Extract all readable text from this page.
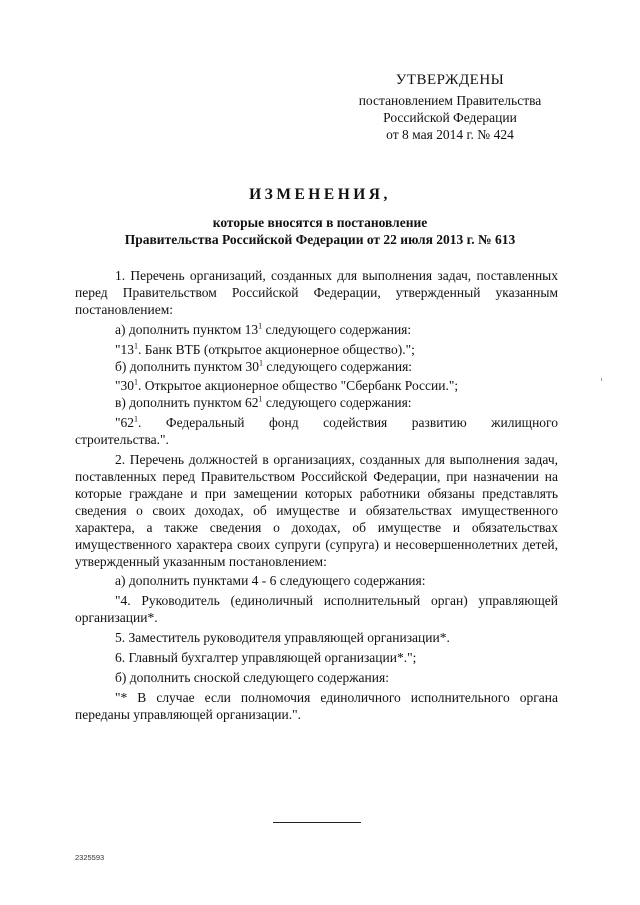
УТВЕРЖДЕНЫ
постановлением Правительства
Российской Федерации
от 8 мая 2014 г. № 424
ИЗМЕНЕНИЯ,
которые вносятся в постановление
Правительства Российской Федерации от 22 июля 2013 г. № 613

1. Перечень организаций, созданных для выполнения задач, поставленных перед Правительством Российской Федерации, утвержденный указанным постановлением:

а) дополнить пунктом $13^1$ следующего содержания:

"$13^1$. Банк ВТБ (открытое акционерное общество).";

б) дополнить пунктом $30^1$ следующего содержания:

"$30^1$. Открытое акционерное общество "Сбербанк России.";

в) дополнить пунктом $62^1$ следующего содержания:

"$62^1$. Федеральный фонд содействия развитию жилищного

строительства.".

2. Перечень должностей в организациях, созданных для выполнения задач, поставленных перед Правительством Российской Федерации, при назначении на которые граждане и при замещении которых работники обязаны представлять сведения о своих доходах, об имуществе и обязательствах имущественного характера, а также сведения о доходах, об имуществе и обязательствах имущественного характера своих супруги (супруга) и несовершеннолетних детей, утвержденный указанным постановлением:

а) дополнить пунктами 4 - 6 следующего содержания:

"4. Руководитель (единоличный исполнительный орган) управляющей организации*.

5. Заместитель руководителя управляющей организации*.

6. Главный бухгалтер управляющей организации*.";

б) дополнить сноской следующего содержания:

"* В случае если полномочия единоличного исполнительного органа переданы управляющей организации.".

2325593
